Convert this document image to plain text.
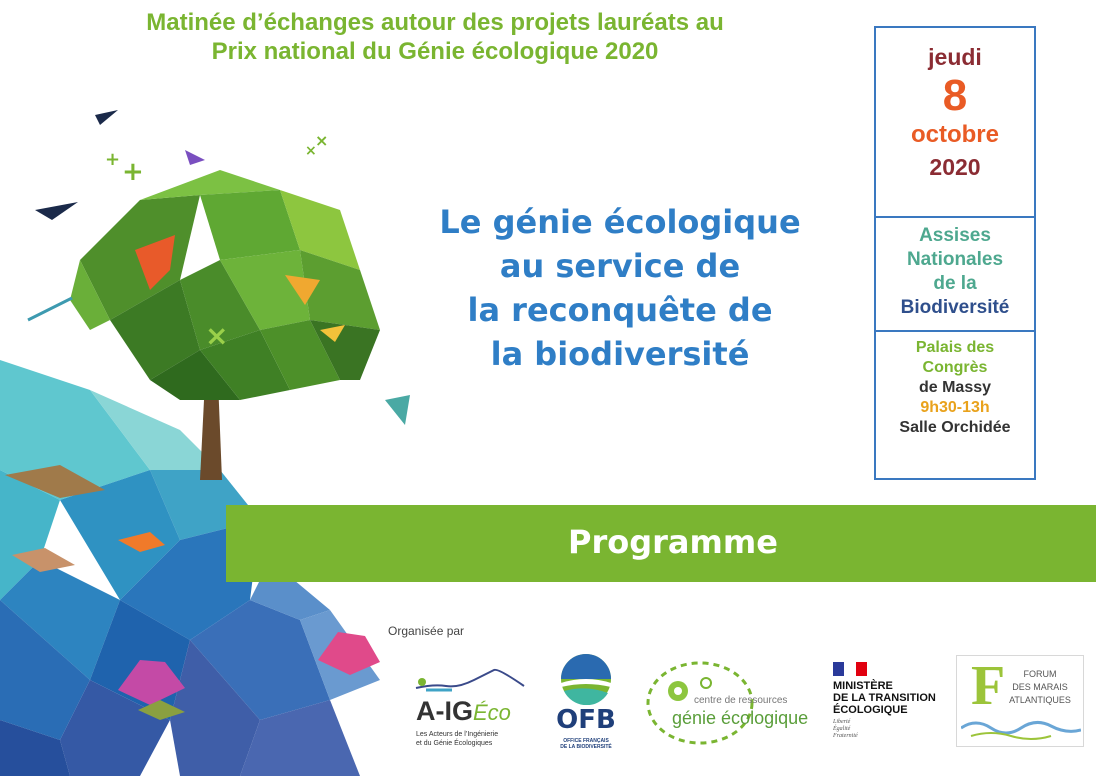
Matinée d’échanges autour des projets lauréats au
Prix national du Génie écologique 2020
+ +
×
×
×
Le génie écologique
au service de
la reconquête de
la biodiversité
jeudi
8
octobre
2020
Assises
Nationales
de la
Biodiversité
Palais des
Congrès
de Massy
9h30-13h
Salle Orchidée
Programme
Organisée par
A-IGÉco
Les Acteurs de l’Ingénierie
et du Génie Écologiques
OFB
OFFICE FRANÇAIS
DE LA BIODIVERSITÉ
centre de ressources
génie écologique
MINISTÈRE
DE LA TRANSITION
ÉCOLOGIQUE
Liberté
Égalité
Fraternité
F	FORUM
DES MARAIS
ATLANTIQUES
